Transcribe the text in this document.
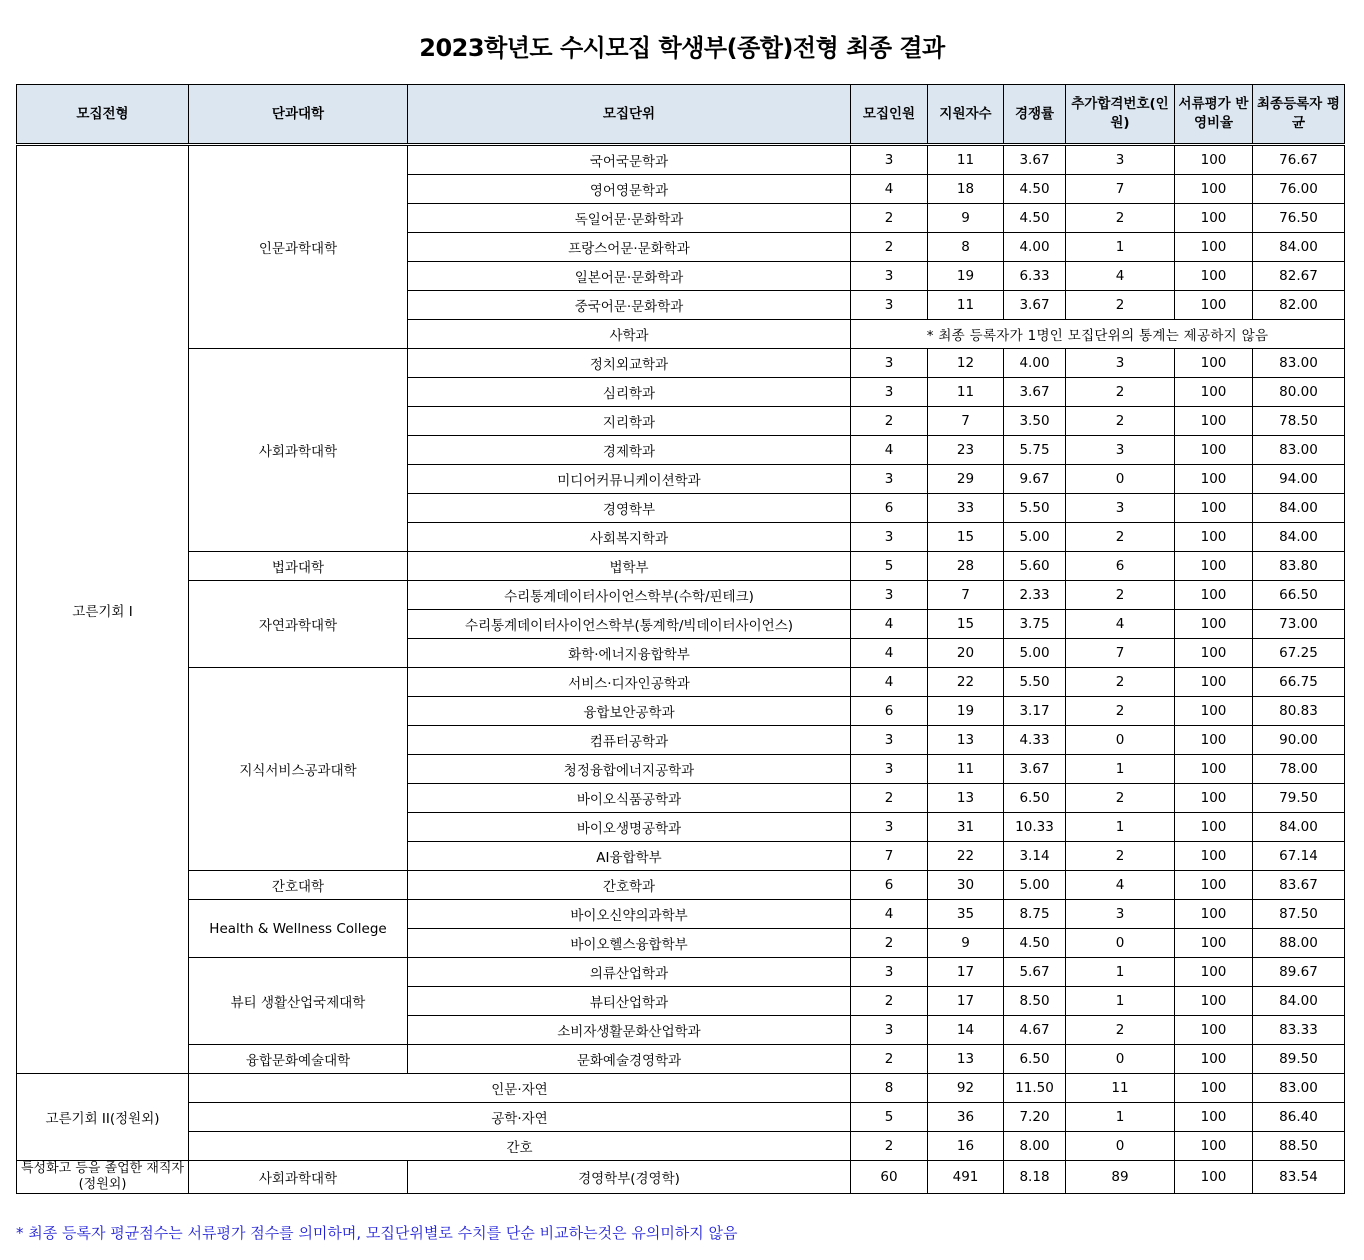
2023학년도 수시모집 학생부(종합)전형 최종 결과
모집전형	단과대학	모집단위	모집인원	지원자수	경쟁률	추가합격번호(인원)	서류평가 반영비율	최종등록자 평균
고른기회 I	인문과학대학	국어국문학과	3	11	3.67	3	100	76.67
		영어영문학과	4	18	4.50	7	100	76.00
		독일어문·문화학과	2	9	4.50	2	100	76.50
		프랑스어문·문화학과	2	8	4.00	1	100	84.00
		일본어문·문화학과	3	19	6.33	4	100	82.67
		중국어문·문화학과	3	11	3.67	2	100	82.00
		사학과	* 최종 등록자가 1명인 모집단위의 통계는 제공하지 않음					
	사회과학대학	정치외교학과	3	12	4.00	3	100	83.00
		심리학과	3	11	3.67	2	100	80.00
		지리학과	2	7	3.50	2	100	78.50
		경제학과	4	23	5.75	3	100	83.00
		미디어커뮤니케이션학과	3	29	9.67	0	100	94.00
		경영학부	6	33	5.50	3	100	84.00
		사회복지학과	3	15	5.00	2	100	84.00
	법과대학	법학부	5	28	5.60	6	100	83.80
	자연과학대학	수리통계데이터사이언스학부(수학/핀테크)	3	7	2.33	2	100	66.50
		수리통계데이터사이언스학부(통계학/빅데이터사이언스)	4	15	3.75	4	100	73.00
		화학·에너지융합학부	4	20	5.00	7	100	67.25
	지식서비스공과대학	서비스·디자인공학과	4	22	5.50	2	100	66.75
		융합보안공학과	6	19	3.17	2	100	80.83
		컴퓨터공학과	3	13	4.33	0	100	90.00
		청정융합에너지공학과	3	11	3.67	1	100	78.00
		바이오식품공학과	2	13	6.50	2	100	79.50
		바이오생명공학과	3	31	10.33	1	100	84.00
		AI융합학부	7	22	3.14	2	100	67.14
	간호대학	간호학과	6	30	5.00	4	100	83.67
	Health & Wellness College	바이오신약의과학부	4	35	8.75	3	100	87.50
		바이오헬스융합학부	2	9	4.50	0	100	88.00
	뷰티 생활산업국제대학	의류산업학과	3	17	5.67	1	100	89.67
		뷰티산업학과	2	17	8.50	1	100	84.00
		소비자생활문화산업학과	3	14	4.67	2	100	83.33
	융합문화예술대학	문화예술경영학과	2	13	6.50	0	100	89.50
고른기회 II(정원외)	인문·자연		8	92	11.50	11	100	83.00
	공학·자연		5	36	7.20	1	100	86.40
	간호		2	16	8.00	0	100	88.50
특성화고 등을 졸업한 재직자(정원외)	사회과학대학	경영학부(경영학)	60	491	8.18	89	100	83.54
* 최종 등록자 평균점수는 서류평가 점수를 의미하며, 모집단위별로 수치를 단순 비교하는것은 유의미하지 않음
